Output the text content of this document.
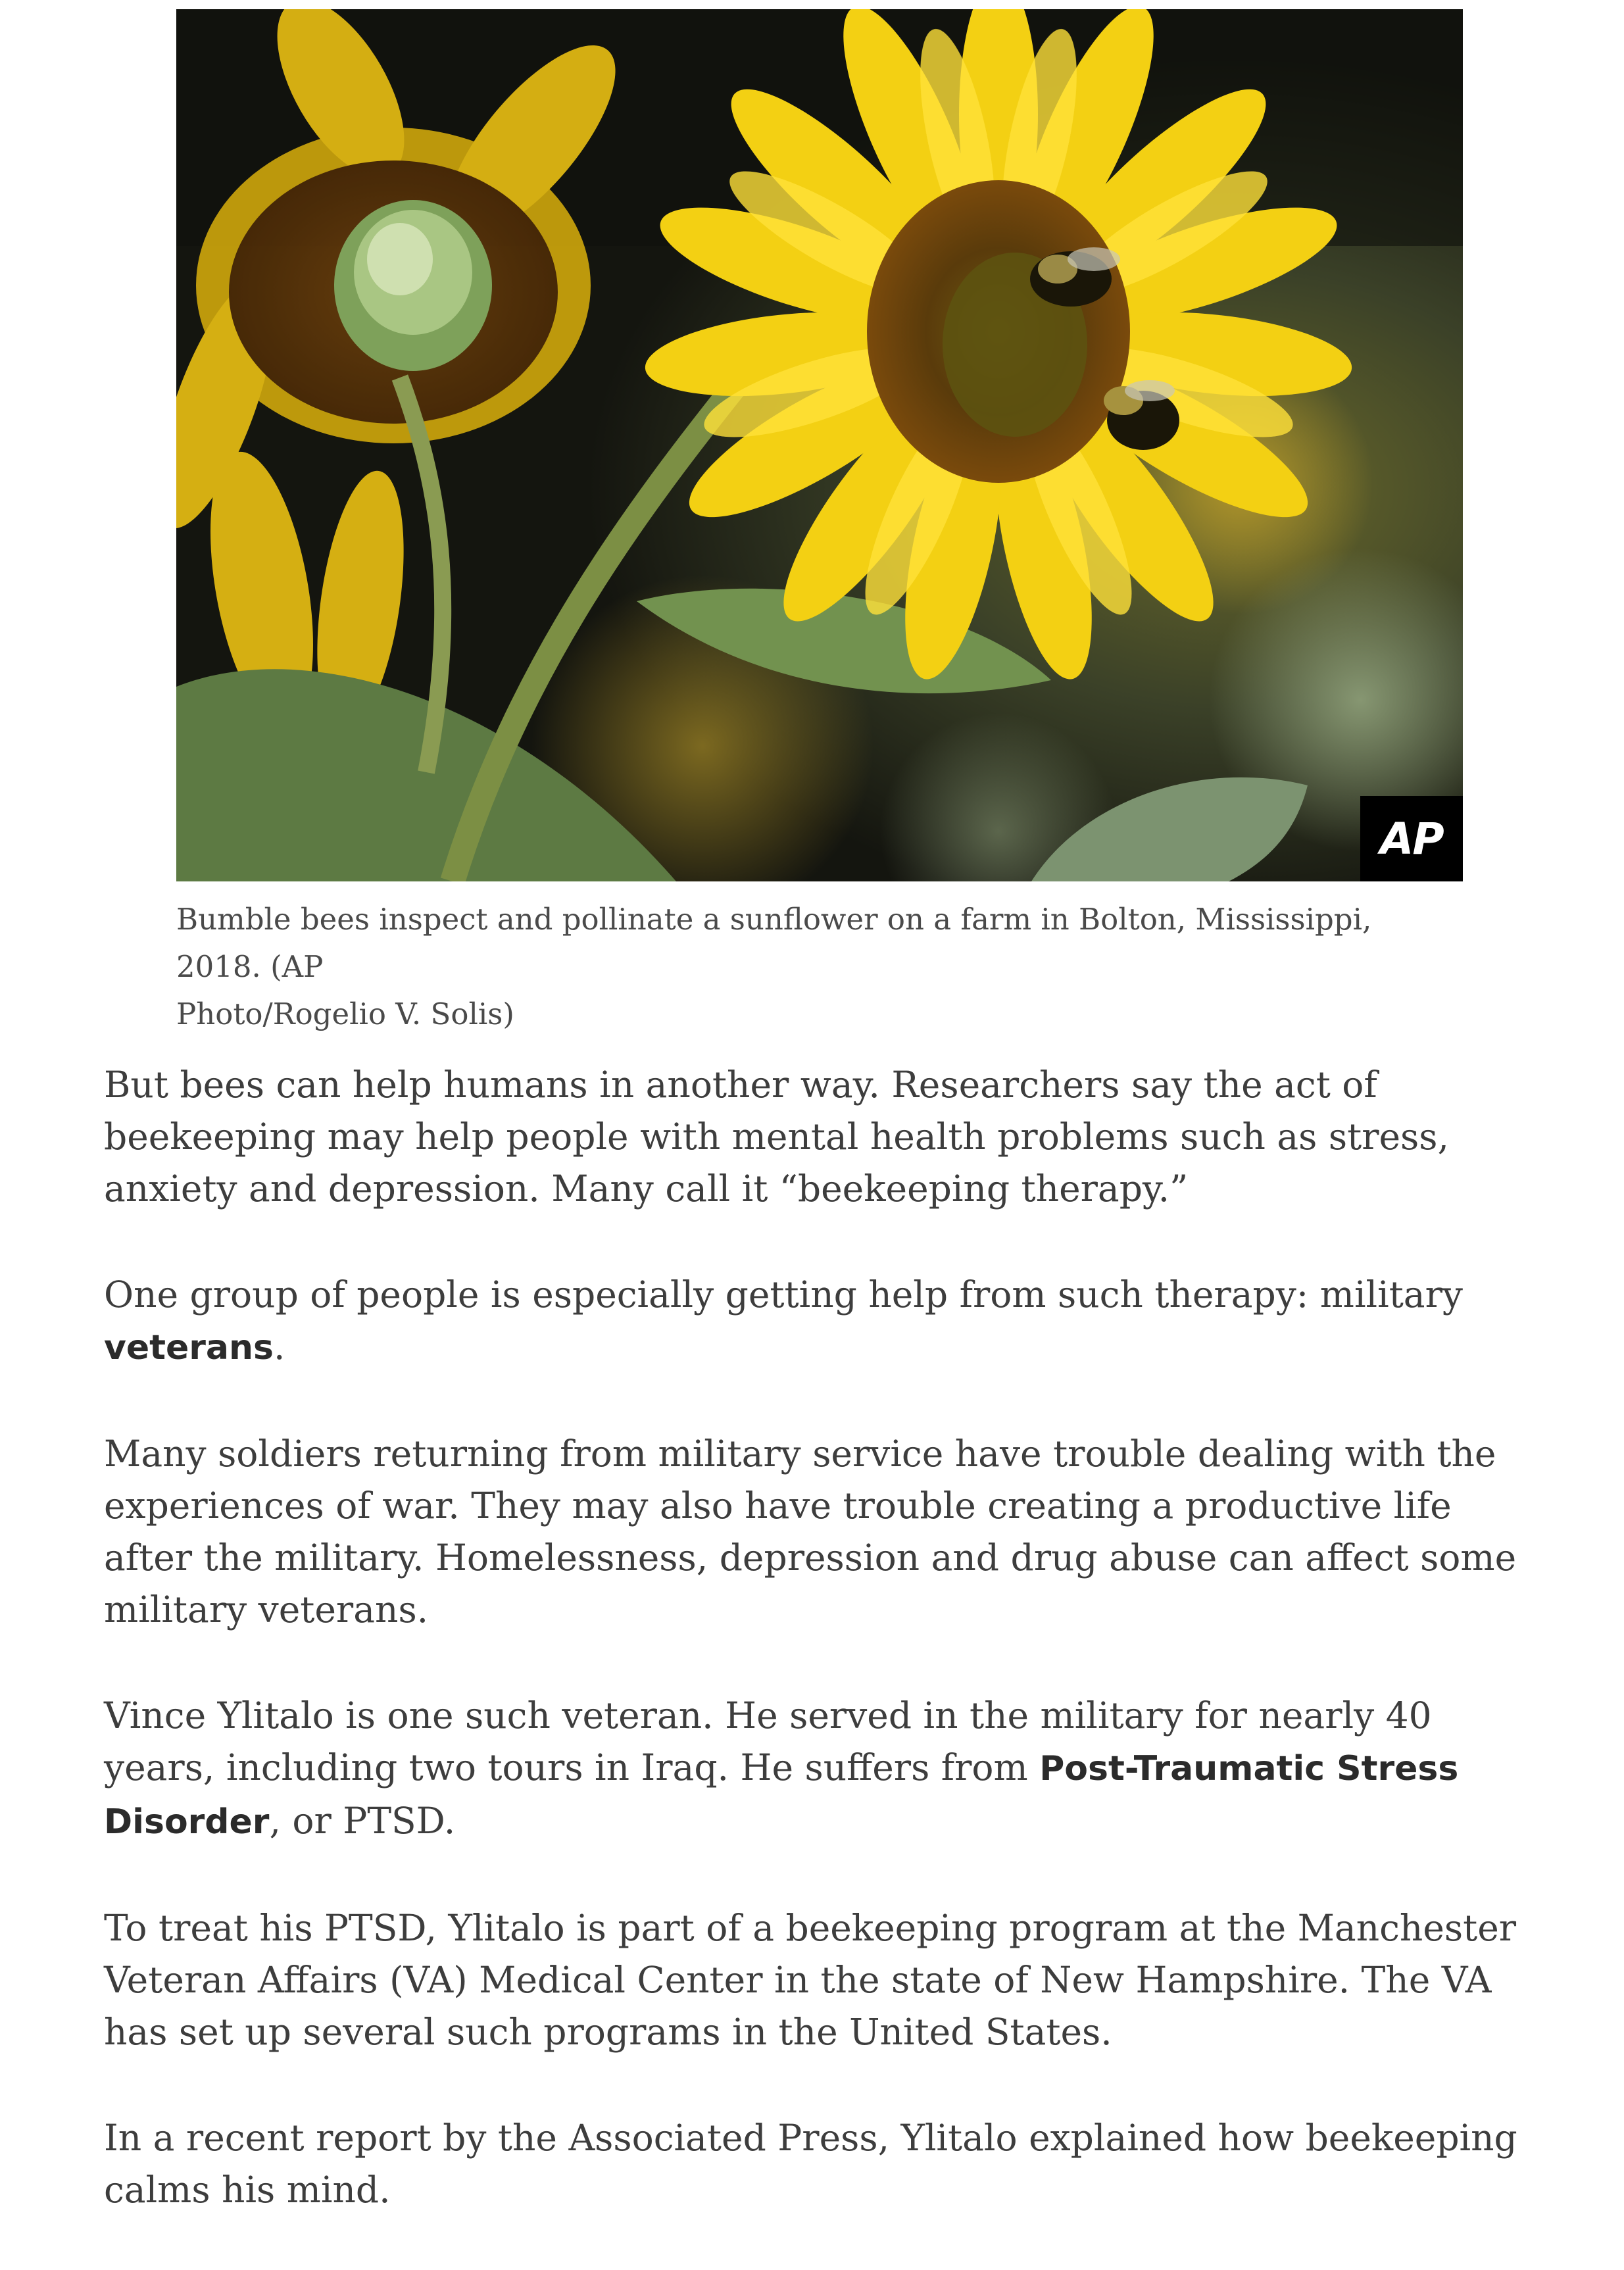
AP

Bumble bees inspect and pollinate a sunflower on a farm in Bolton, Mississippi, 2018. (AP
Photo/Rogelio V. Solis)

But bees can help humans in another way. Researchers say the act of beekeeping may help people with mental health problems such as stress, anxiety and depression. Many call it “beekeeping therapy.”

One group of people is especially getting help from such therapy: military veterans.

Many soldiers returning from military service have trouble dealing with the experiences of war. They may also have trouble creating a productive life after the military. Homelessness, depression and drug abuse can affect some military veterans.

Vince Ylitalo is one such veteran. He served in the military for nearly 40 years, including two tours in Iraq. He suffers from Post-Traumatic Stress Disorder, or PTSD.

To treat his PTSD, Ylitalo is part of a beekeeping program at the Manchester Veteran Affairs (VA) Medical Center in the state of New Hampshire. The VA has set up several such programs in the United States.

In a recent report by the Associated Press, Ylitalo explained how beekeeping calms his mind.
